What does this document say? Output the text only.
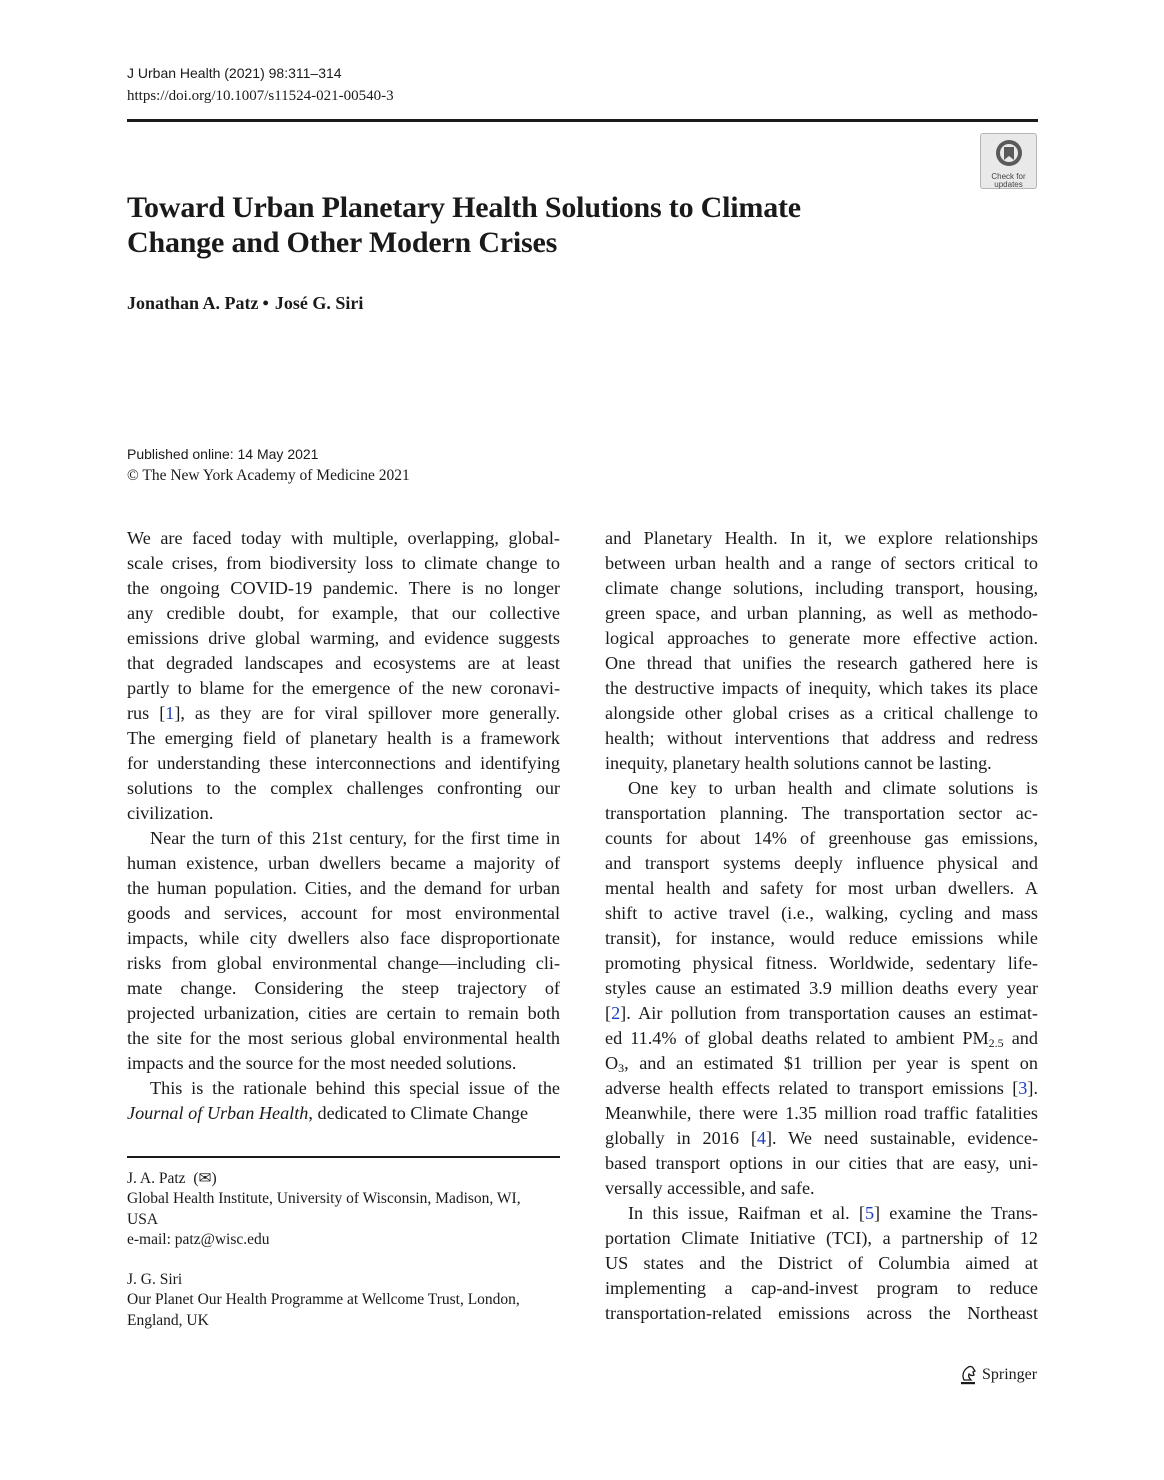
J Urban Health (2021) 98:311–314
https://doi.org/10.1007/s11524-021-00540-3
Check for
updates
Toward Urban Planetary Health Solutions to Climate
Change and Other Modern Crises
Jonathan A. Patz • José G. Siri
Published online: 14 May 2021
© The New York Academy of Medicine 2021
We are faced today with multiple, overlapping, global-
scale crises, from biodiversity loss to climate change to
the ongoing COVID-19 pandemic. There is no longer
any credible doubt, for example, that our collective
emissions drive global warming, and evidence suggests
that degraded landscapes and ecosystems are at least
partly to blame for the emergence of the new coronavi-
rus [1], as they are for viral spillover more generally.
The emerging field of planetary health is a framework
for understanding these interconnections and identifying
solutions to the complex challenges confronting our
civilization.
Near the turn of this 21st century, for the first time in
human existence, urban dwellers became a majority of
the human population. Cities, and the demand for urban
goods and services, account for most environmental
impacts, while city dwellers also face disproportionate
risks from global environmental change—including cli-
mate change. Considering the steep trajectory of
projected urbanization, cities are certain to remain both
the site for the most serious global environmental health
impacts and the source for the most needed solutions.
This is the rationale behind this special issue of the
Journal of Urban Health, dedicated to Climate Change
and Planetary Health. In it, we explore relationships
between urban health and a range of sectors critical to
climate change solutions, including transport, housing,
green space, and urban planning, as well as methodo-
logical approaches to generate more effective action.
One thread that unifies the research gathered here is
the destructive impacts of inequity, which takes its place
alongside other global crises as a critical challenge to
health; without interventions that address and redress
inequity, planetary health solutions cannot be lasting.
One key to urban health and climate solutions is
transportation planning. The transportation sector ac-
counts for about 14% of greenhouse gas emissions,
and transport systems deeply influence physical and
mental health and safety for most urban dwellers. A
shift to active travel (i.e., walking, cycling and mass
transit), for instance, would reduce emissions while
promoting physical fitness. Worldwide, sedentary life-
styles cause an estimated 3.9 million deaths every year
[2]. Air pollution from transportation causes an estimat-
ed 11.4% of global deaths related to ambient $PM_{2.5}$ and
$O_3$, and an estimated $1 trillion per year is spent on
adverse health effects related to transport emissions [3].
Meanwhile, there were 1.35 million road traffic fatalities
globally in 2016 [4]. We need sustainable, evidence-
based transport options in our cities that are easy, uni-
versally accessible, and safe.
In this issue, Raifman et al. [5] examine the Trans-
portation Climate Initiative (TCI), a partnership of 12
US states and the District of Columbia aimed at
implementing a cap-and-invest program to reduce
transportation-related emissions across the Northeast
J. A. Patz (✉)
Global Health Institute, University of Wisconsin, Madison, WI,
USA
e-mail: patz@wisc.edu
J. G. Siri
Our Planet Our Health Programme at Wellcome Trust, London,
England, UK
Springer
